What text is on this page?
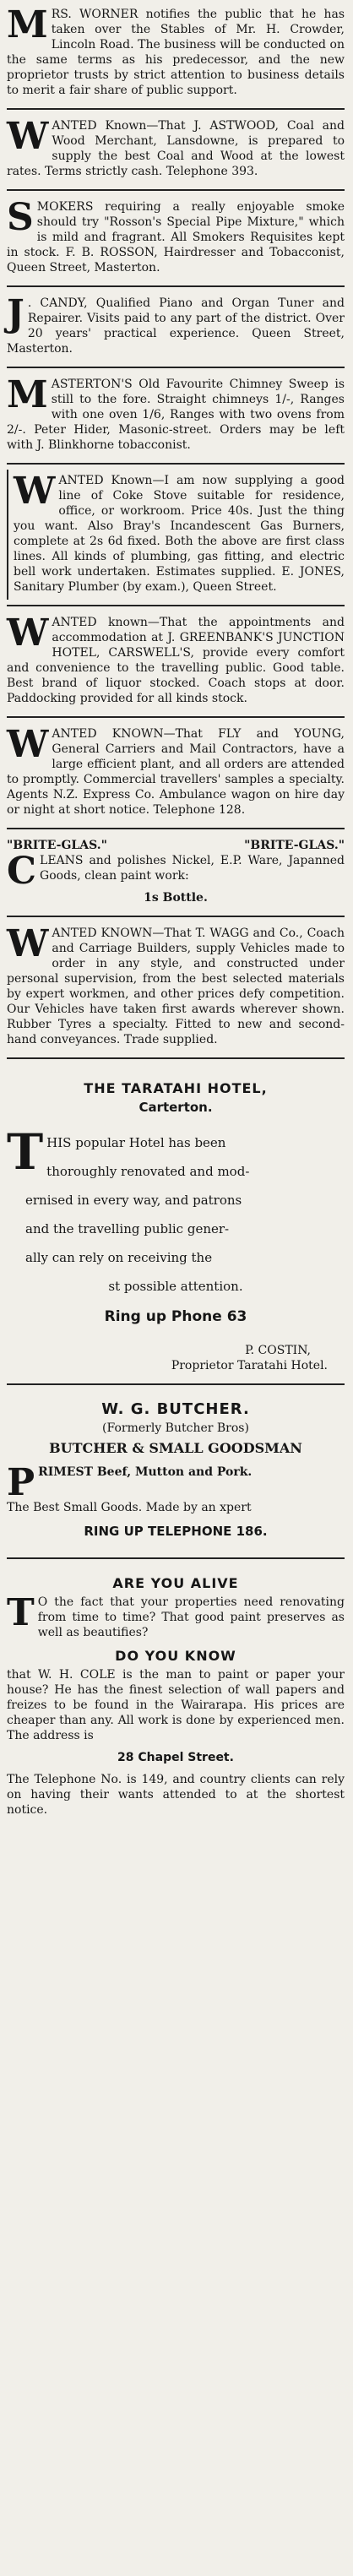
M RS. WORNER notifies the public that he has taken over the Stables of Mr. H. Crowder, Lincoln Road. The business will be conducted on the same terms as his predecessor, and the new proprietor trusts by strict attention to business details to merit a fair share of public support.

W ANTED Known—That J. ASTWOOD, Coal and Wood Merchant, Lansdowne, is prepared to supply the best Coal and Wood at the lowest rates. Terms strictly cash. Telephone 393.

S MOKERS requiring a really enjoyable smoke should try "Rosson's Special Pipe Mixture," which is mild and fragrant. All Smokers Requisites kept in stock. F. B. ROSSON, Hairdresser and Tobacconist, Queen Street, Masterton.

J . CANDY, Qualified Piano and Organ Tuner and Repairer. Visits paid to any part of the district. Over 20 years' practical experience. Queen Street, Masterton.

M ASTERTON'S Old Favourite Chimney Sweep is still to the fore. Straight chimneys 1/-, Ranges with one oven 1/6, Ranges with two ovens from 2/-. Peter Hider, Masonic-street. Orders may be left with J. Blinkhorne tobacconist.

W ANTED Known—I am now supplying a good line of Coke Stove suitable for residence, office, or workroom. Price 40s. Just the thing you want. Also Bray's Incandescent Gas Burners, complete at 2s 6d fixed. Both the above are first class lines. All kinds of plumbing, gas fitting, and electric bell work undertaken. Estimates supplied. E. JONES, Sanitary Plumber (by exam.), Queen Street.

W ANTED known—That the appointments and accommodation at J. GREENBANK'S JUNCTION HOTEL, CARSWELL'S, provide every comfort and convenience to the travelling public. Good table. Best brand of liquor stocked. Coach stops at door. Paddocking provided for all kinds stock.

W ANTED KNOWN—That FLY and YOUNG, General Carriers and Mail Contractors, have a large efficient plant, and all orders are attended to promptly. Commercial travellers' samples a specialty. Agents N.Z. Express Co. Ambulance wagon on hire day or night at short notice. Telephone 128.

"BRITE-GLAS."	"BRITE-GLAS."
C LEANS and polishes Nickel, E.P. Ware, Japanned Goods, clean paint work:

1s Bottle.
W ANTED KNOWN—That T. WAGG and Co., Coach and Carriage Builders, supply Vehicles made to order in any style, and constructed under personal supervision, from the best selected materials by expert workmen, and other prices defy competition. Our Vehicles have taken first awards wherever shown. Rubber Tyres a specialty. Fitted to new and second-hand conveyances. Trade supplied.

THE TARATAHI HOTEL,
Carterton.
THIS popular Hotel has been
thoroughly renovated and mod-
ernised in every way, and patrons
and the travelling public gener-
ally can rely on receiving the
st possible attention.
Ring up Phone 63
P. COSTIN,
Proprietor Taratahi Hotel.
W. G. BUTCHER.
(Formerly Butcher Bros)
BUTCHER & SMALL GOODSMAN
P RIMEST Beef, Mutton and Pork.

The Best Small Goods. Made by an xpert
RING UP TELEPHONE 186.
ARE YOU ALIVE
T O the fact that your properties need renovating from time to time? That good paint preserves as well as beautifies?

DO YOU KNOW

that W. H. COLE is the man to paint or paper your house? He has the finest selection of wall papers and freizes to be found in the Wairarapa. His prices are cheaper than any. All work is done by experienced men. The address is

28 Chapel Street.

The Telephone No. is 149, and country clients can rely on having their wants attended to at the shortest notice.
